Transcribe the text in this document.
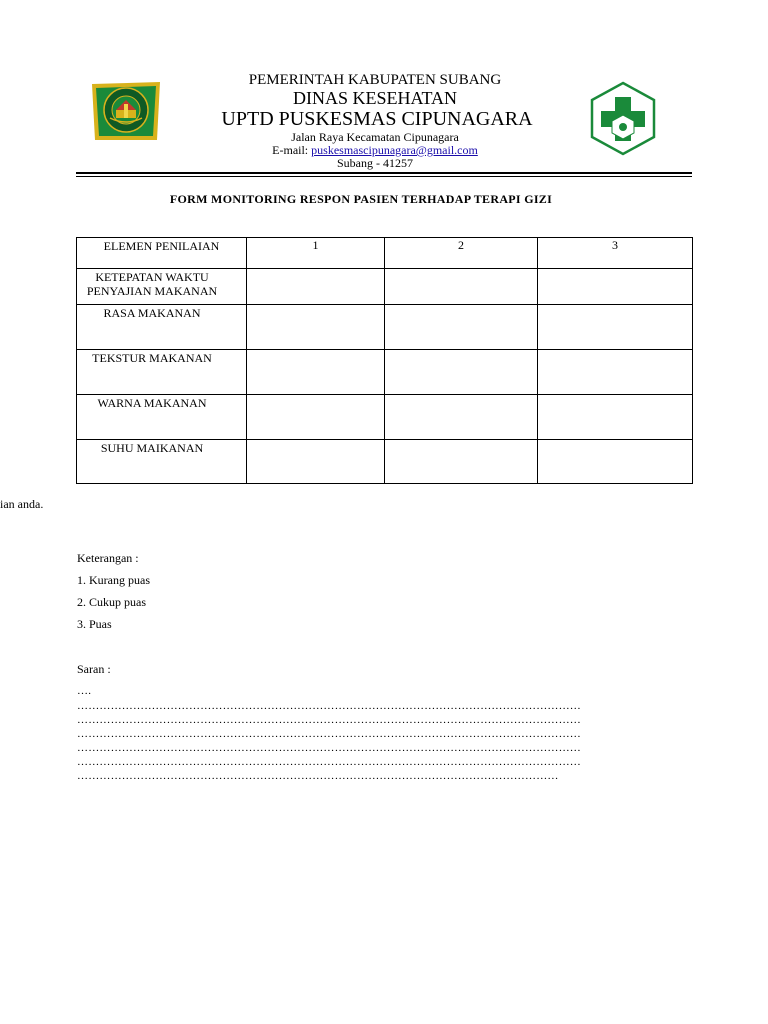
PEMERINTAH KABUPATEN SUBANG
DINAS KESEHATAN
UPTD PUSKESMAS CIPUNAGARA
Jalan Raya Kecamatan Cipunagara
E-mail: puskesmascipunagara@gmail.com
Subang - 41257
FORM MONITORING RESPON PASIEN TERHADAP TERAPI GIZI
ELEMEN PENILAIAN	1	2	3

KETEPATAN WAKTU PENYAJIAN MAKANAN			

RASA MAKANAN			

TEKSTUR MAKANAN			

WARNA MAKANAN			

SUHU MAIKANAN			

ian anda.
Keterangan :
1. Kurang puas
2. Cukup puas
3. Puas
Saran :
….
………………………………………………………………………………………………………………………
………………………………………………………………………………………………………………………
………………………………………………………………………………………………………………………
………………………………………………………………………………………………………………………
………………………………………………………………………………………………………………………
…………………………………………………………………………………………………………………
